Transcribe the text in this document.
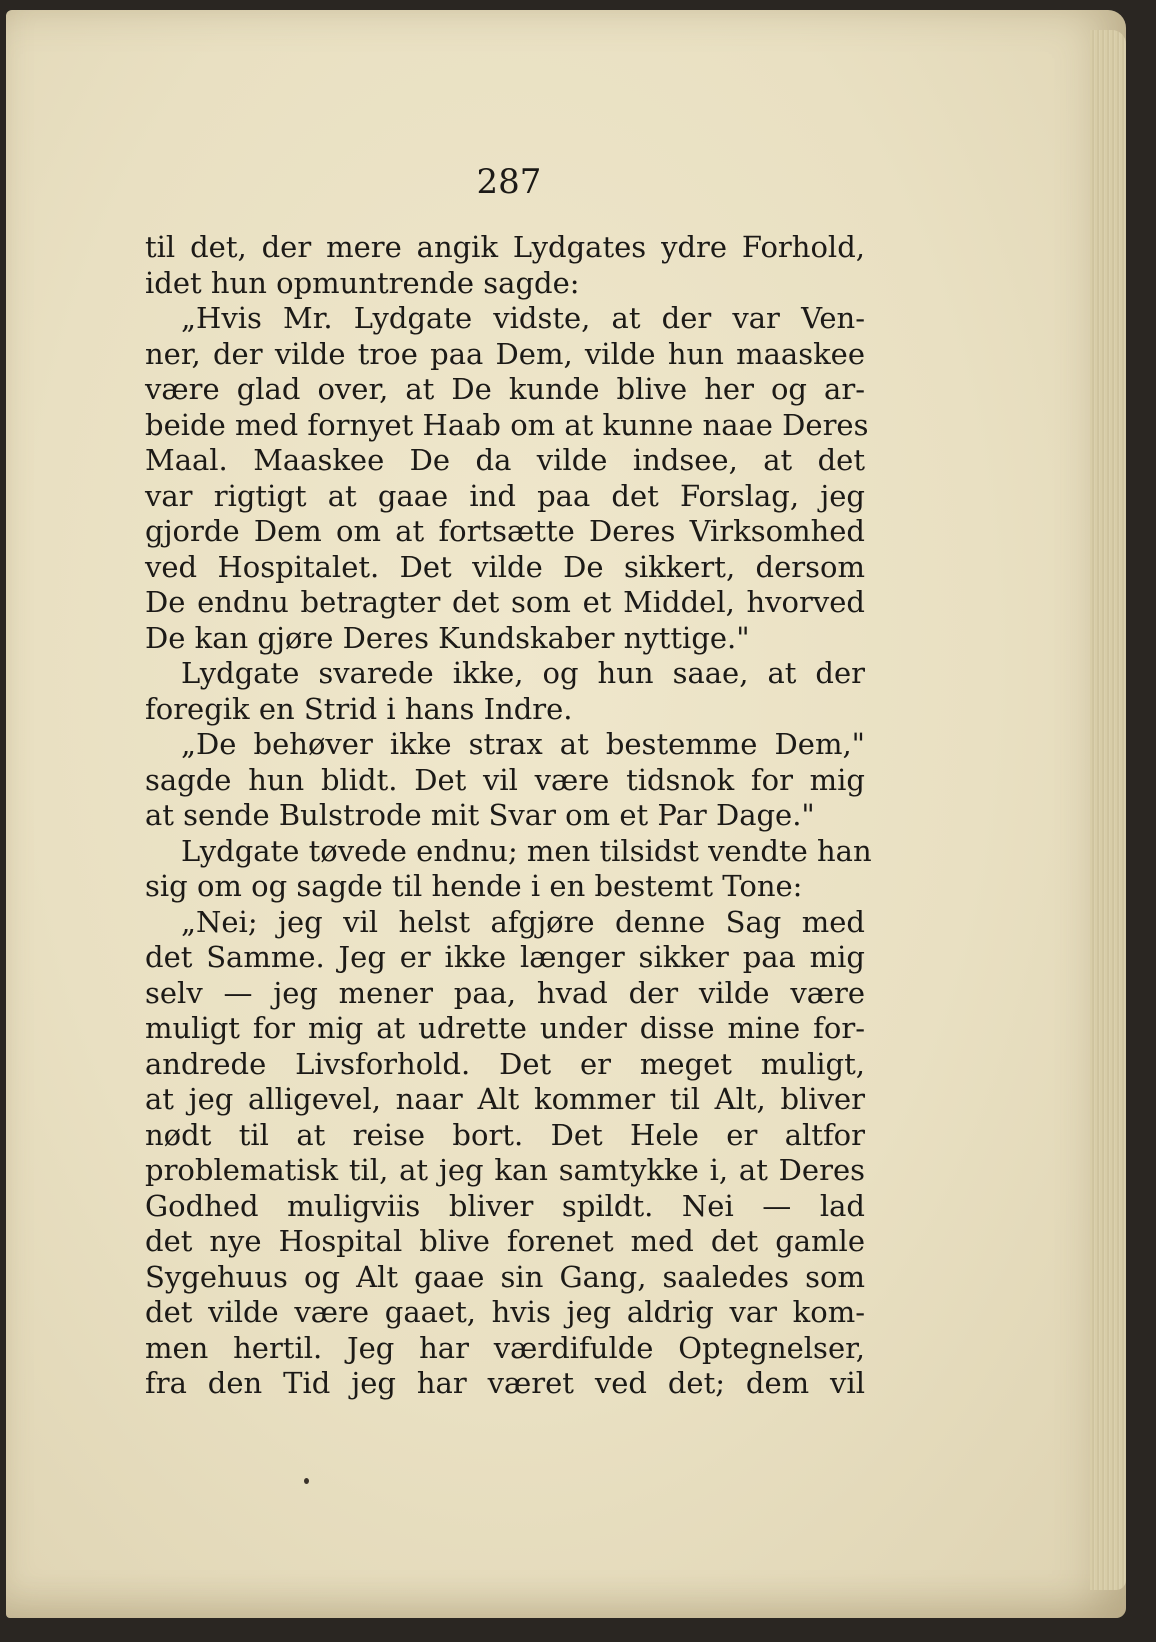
287
til det, der mere angik Lydgates ydre Forhold,
idet hun opmuntrende sagde:
„Hvis Mr. Lydgate vidste, at der var Ven-
ner, der vilde troe paa Dem, vilde hun maaskee
være glad over, at De kunde blive her og ar-
beide med fornyet Haab om at kunne naae Deres
Maal. Maaskee De da vilde indsee, at det
var rigtigt at gaae ind paa det Forslag, jeg
gjorde Dem om at fortsætte Deres Virksomhed
ved Hospitalet. Det vilde De sikkert, dersom
De endnu betragter det som et Middel, hvorved
De kan gjøre Deres Kundskaber nyttige."
Lydgate svarede ikke, og hun saae, at der
foregik en Strid i hans Indre.
„De behøver ikke strax at bestemme Dem,"
sagde hun blidt. Det vil være tidsnok for mig
at sende Bulstrode mit Svar om et Par Dage."
Lydgate tøvede endnu; men tilsidst vendte han
sig om og sagde til hende i en bestemt Tone:
„Nei; jeg vil helst afgjøre denne Sag med
det Samme. Jeg er ikke længer sikker paa mig
selv — jeg mener paa, hvad der vilde være
muligt for mig at udrette under disse mine for-
andrede Livsforhold. Det er meget muligt,
at jeg alligevel, naar Alt kommer til Alt, bliver
nødt til at reise bort. Det Hele er altfor
problematisk til, at jeg kan samtykke i, at Deres
Godhed muligviis bliver spildt. Nei — lad
det nye Hospital blive forenet med det gamle
Sygehuus og Alt gaae sin Gang, saaledes som
det vilde være gaaet, hvis jeg aldrig var kom-
men hertil. Jeg har værdifulde Optegnelser,
fra den Tid jeg har været ved det; dem vil
